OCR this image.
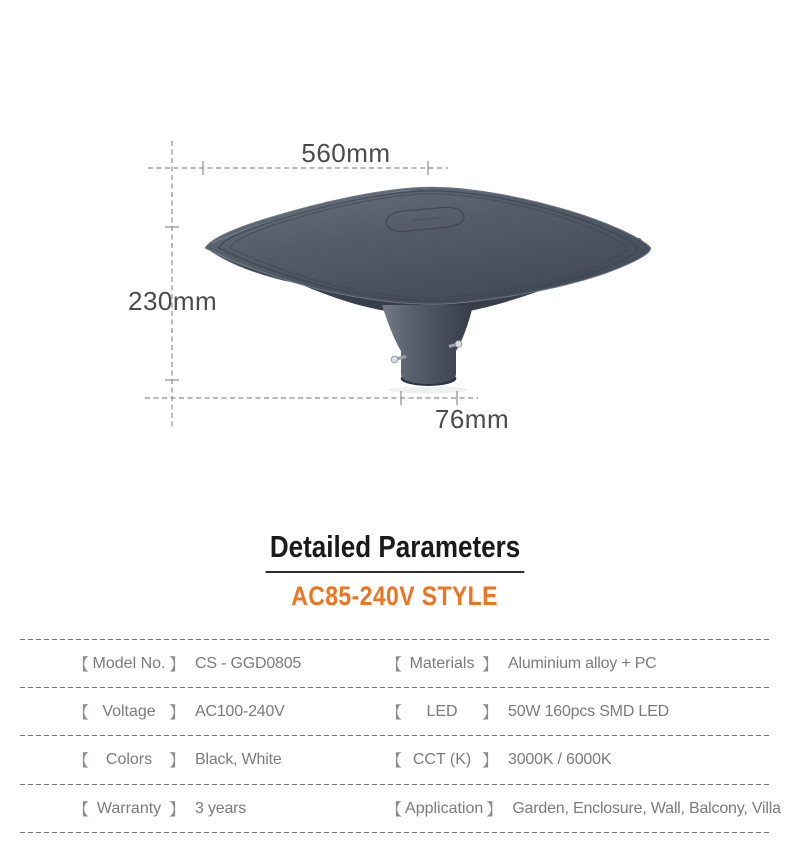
560mm
230mm
76mm
Detailed Parameters
AC85-240V STYLE
【 Model No. 】 CS - GGD0805	【 Materials 】 Aluminium alloy + PC
【 Voltage 】 AC100-240V	【	LED	】 50W 160pcs SMD LED
【	Colors	】 Black, White	【 CCT (K) 】 3000K / 6000K
【 Warranty 】 3 years	【 Application 】 Garden, Enclosure, Wall, Balcony, Villa
